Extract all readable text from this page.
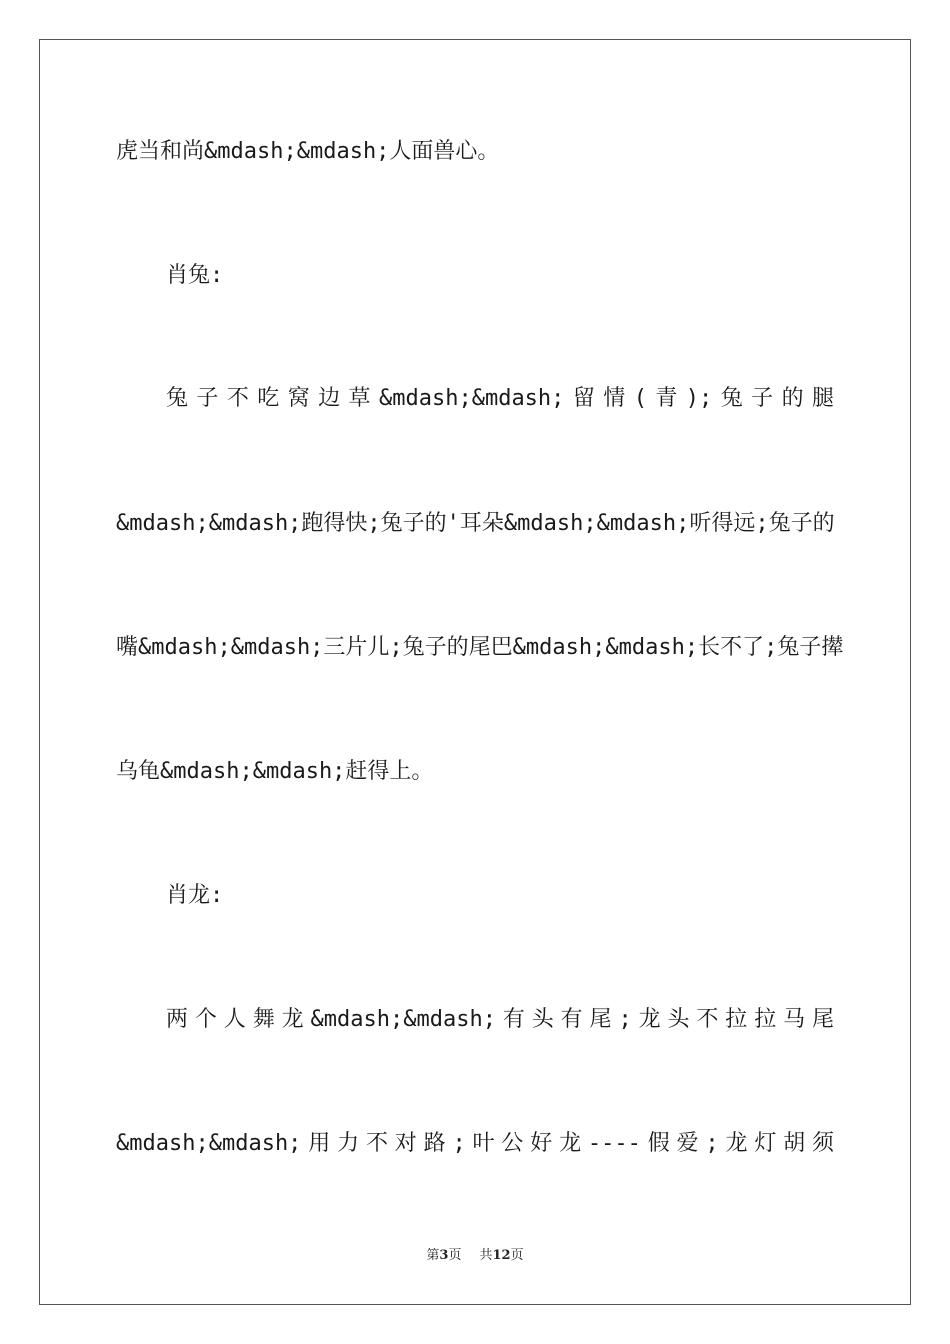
虎当和尚&mdash;&mdash;人面兽心。
肖兔:
兔子不吃窝边草&mdash;&mdash;留情(青);兔子的腿
&mdash;&mdash;跑得快;兔子的'耳朵&mdash;&mdash;听得远;兔子的
嘴&mdash;&mdash;三片儿;兔子的尾巴&mdash;&mdash;长不了;兔子撵
乌龟&mdash;&mdash;赶得上。
肖龙:
两个人舞龙&mdash;&mdash;有头有尾;龙头不拉拉马尾
&mdash;&mdash;用力不对路;叶公好龙----假爱;龙灯胡须
第3页 共12页
